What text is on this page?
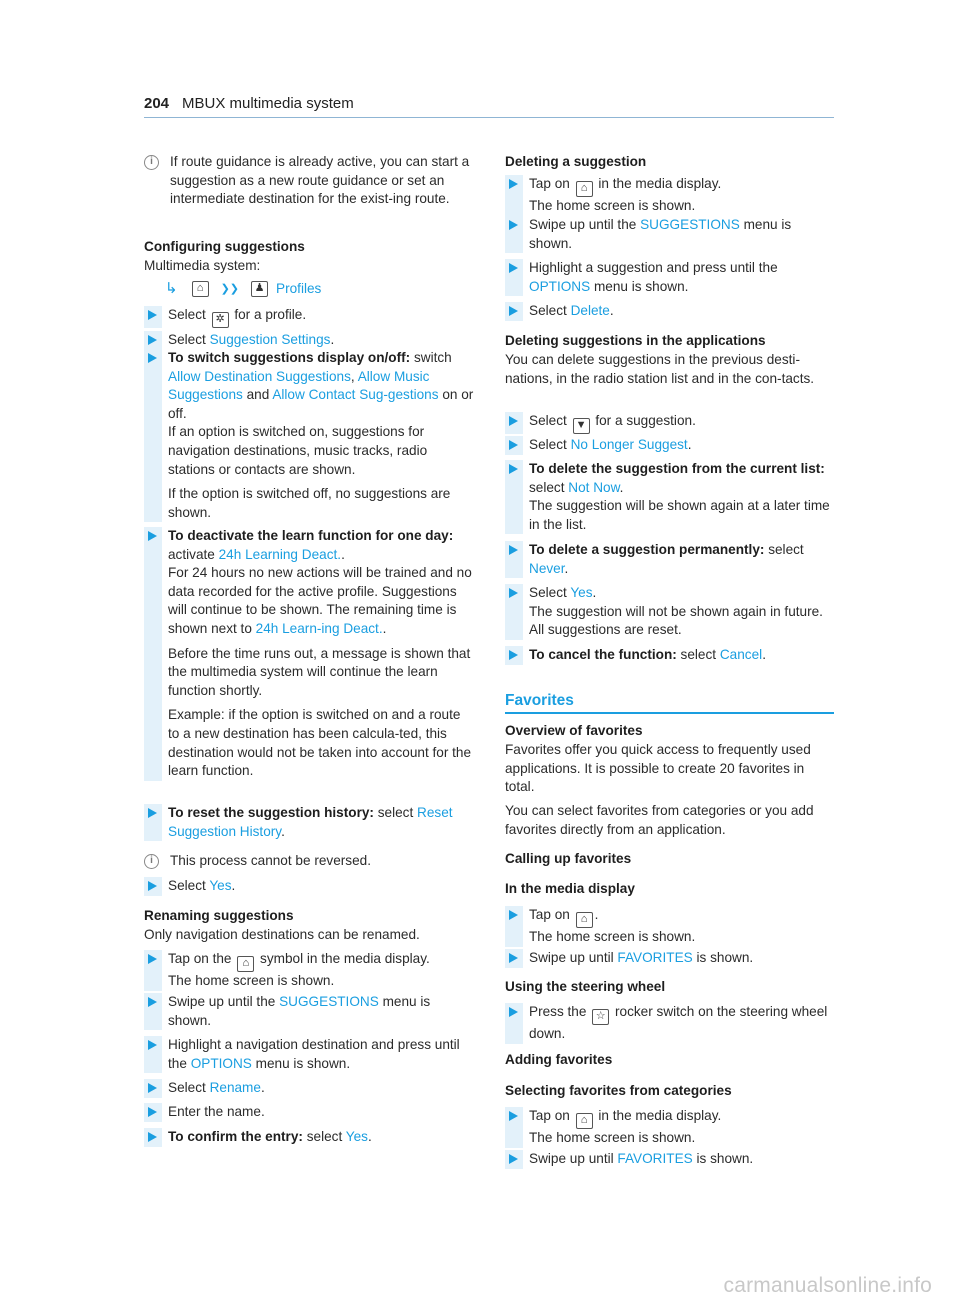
204 MBUX multimedia system
i	If route guidance is already active, you can start a suggestion as a new route guidance or set an intermediate destination for the exist-ing route.
Configuring suggestions
Multimedia system:
↳	⌂	❯❯	♟ Profiles
Select ✲ for a profile.
Select Suggestion Settings.
To switch suggestions display on/off: switch Allow Destination Suggestions, Allow Music Suggestions and Allow Contact Sug-gestions on or off.
If an option is switched on, suggestions for navigation destinations, music tracks, radio stations or contacts are shown.
If the option is switched off, no suggestions are shown.
To deactivate the learn function for one day: activate 24h Learning Deact..
For 24 hours no new actions will be trained and no data recorded for the active profile. Suggestions will continue to be shown. The remaining time is shown next to 24h Learn-ing Deact..
Before the time runs out, a message is shown that the multimedia system will continue the learn function shortly.
Example: if the option is switched on and a route to a new destination has been calcula-ted, this destination would not be taken into account for the learn function.
To reset the suggestion history: select Reset Suggestion History.
i	This process cannot be reversed.
Select Yes.
Renaming suggestions
Only navigation destinations can be renamed.
Tap on the ⌂ symbol in the media display.
The home screen is shown.
Swipe up until the SUGGESTIONS menu is shown.
Highlight a navigation destination and press until the OPTIONS menu is shown.
Select Rename.
Enter the name.
To confirm the entry: select Yes.
Deleting a suggestion
Tap on ⌂ in the media display.
The home screen is shown.
Swipe up until the SUGGESTIONS menu is shown.
Highlight a suggestion and press until the OPTIONS menu is shown.
Select Delete.
Deleting suggestions in the applications
You can delete suggestions in the previous desti-nations, in the radio station list and in the con-tacts.
Select ▼ for a suggestion.
Select No Longer Suggest.
To delete the suggestion from the current list: select Not Now.
The suggestion will be shown again at a later time in the list.
To delete a suggestion permanently: select Never.
Select Yes.
The suggestion will not be shown again in future. All suggestions are reset.
To cancel the function: select Cancel.
Favorites
Overview of favorites
Favorites offer you quick access to frequently used applications. It is possible to create 20 favorites in total.
You can select favorites from categories or you add favorites directly from an application.
Calling up favorites
In the media display
Tap on ⌂ .
The home screen is shown.
Swipe up until FAVORITES is shown.
Using the steering wheel
Press the ☆ rocker switch on the steering wheel down.
Adding favorites
Selecting favorites from categories
Tap on ⌂ in the media display.
The home screen is shown.
Swipe up until FAVORITES is shown.
carmanualsonline.info
